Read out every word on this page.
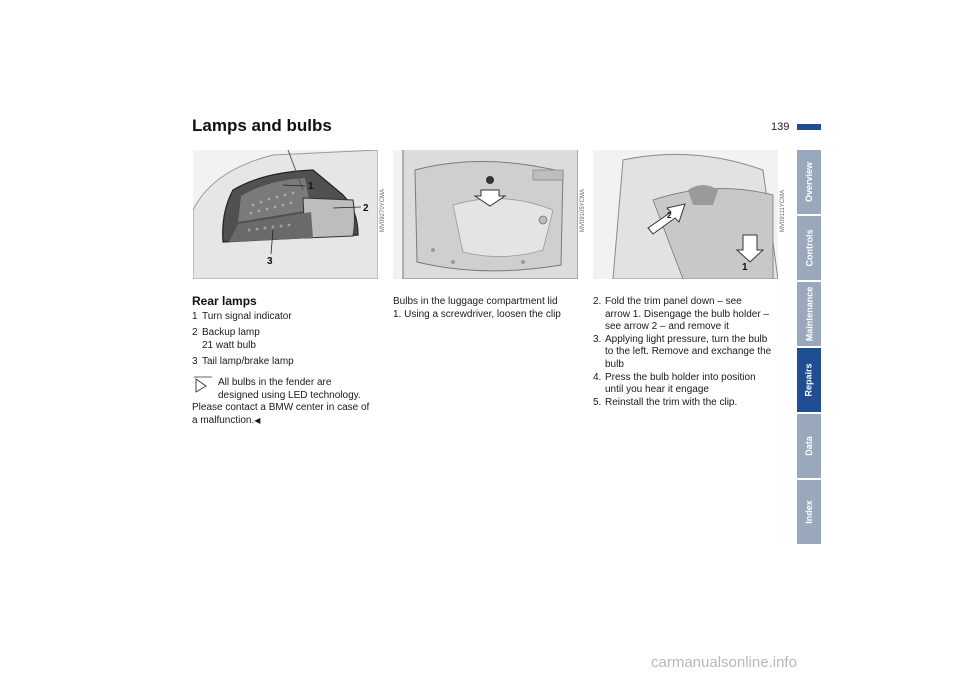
Lamps and bulbs	139
1
2
3
MV09270YCMA	MV09105YCMA	2
1
MV09111YCMA
Overview
Controls
Maintenance
Repairs
Data
Index
Rear lamps
1 Turn signal indicator
2 Backup lamp
21 watt bulb
3 Tail lamp/brake lamp
All bulbs in the fender are
designed using LED technology.
Please contact a BMW center in case of
a malfunction.◀
Bulbs in the luggage compartment lid
1. Using a screwdriver, loosen the clip
2. Fold the trim panel down – see
arrow 1. Disengage the bulb holder –
see arrow 2 – and remove it
3. Applying light pressure, turn the bulb
to the left. Remove and exchange the
bulb
4. Press the bulb holder into position
until you hear it engage
5. Reinstall the trim with the clip.
carmanualsonline.info
